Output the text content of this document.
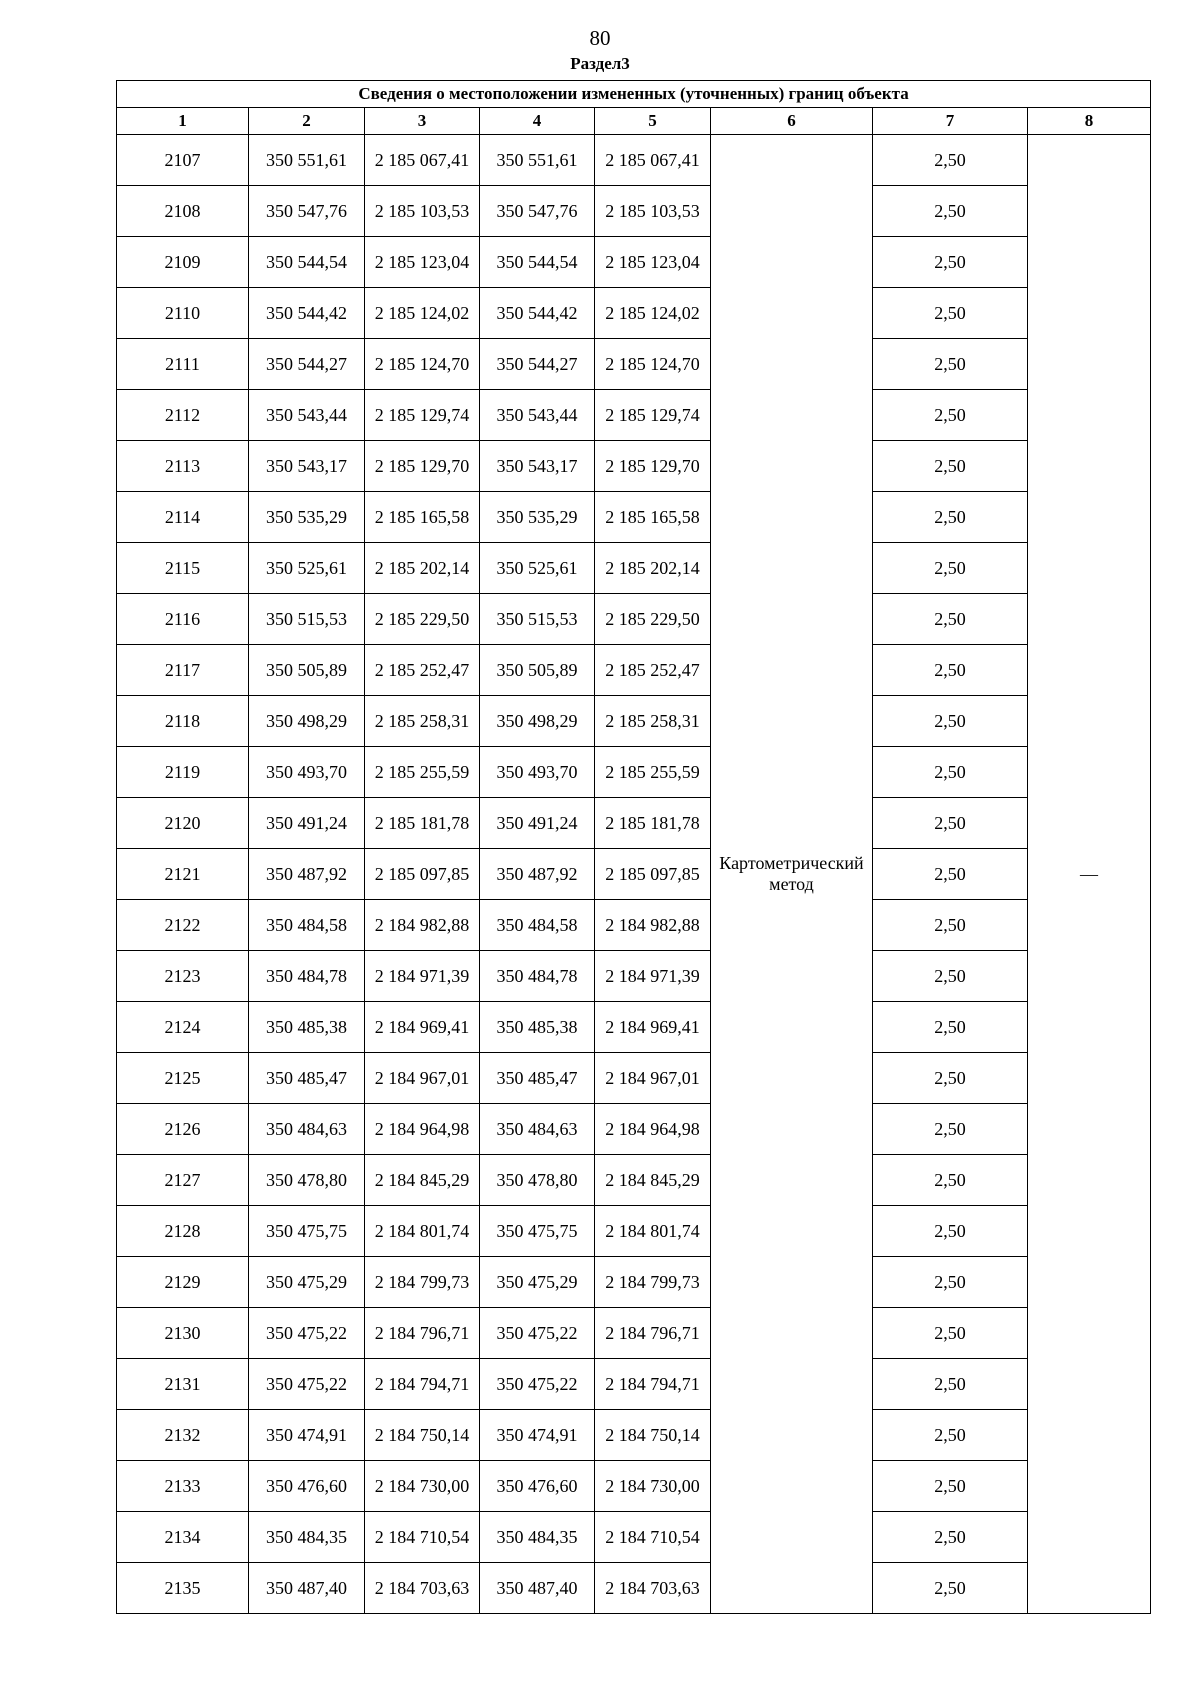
80
Раздел3
Сведения о местоположении измененных (уточненных) границ объекта							
1	2	3	4	5	6	7	8
2107	350 551,61	2 185 067,41	350 551,61	2 185 067,41	Картометрический метод	2,50	—
2108	350 547,76	2 185 103,53	350 547,76	2 185 103,53		2,50	
2109	350 544,54	2 185 123,04	350 544,54	2 185 123,04		2,50	
2110	350 544,42	2 185 124,02	350 544,42	2 185 124,02		2,50	
2111	350 544,27	2 185 124,70	350 544,27	2 185 124,70		2,50	
2112	350 543,44	2 185 129,74	350 543,44	2 185 129,74		2,50	
2113	350 543,17	2 185 129,70	350 543,17	2 185 129,70		2,50	
2114	350 535,29	2 185 165,58	350 535,29	2 185 165,58		2,50	
2115	350 525,61	2 185 202,14	350 525,61	2 185 202,14		2,50	
2116	350 515,53	2 185 229,50	350 515,53	2 185 229,50		2,50	
2117	350 505,89	2 185 252,47	350 505,89	2 185 252,47		2,50	
2118	350 498,29	2 185 258,31	350 498,29	2 185 258,31		2,50	
2119	350 493,70	2 185 255,59	350 493,70	2 185 255,59		2,50	
2120	350 491,24	2 185 181,78	350 491,24	2 185 181,78		2,50	
2121	350 487,92	2 185 097,85	350 487,92	2 185 097,85		2,50	
2122	350 484,58	2 184 982,88	350 484,58	2 184 982,88		2,50	
2123	350 484,78	2 184 971,39	350 484,78	2 184 971,39		2,50	
2124	350 485,38	2 184 969,41	350 485,38	2 184 969,41		2,50	
2125	350 485,47	2 184 967,01	350 485,47	2 184 967,01		2,50	
2126	350 484,63	2 184 964,98	350 484,63	2 184 964,98		2,50	
2127	350 478,80	2 184 845,29	350 478,80	2 184 845,29		2,50	
2128	350 475,75	2 184 801,74	350 475,75	2 184 801,74		2,50	
2129	350 475,29	2 184 799,73	350 475,29	2 184 799,73		2,50	
2130	350 475,22	2 184 796,71	350 475,22	2 184 796,71		2,50	
2131	350 475,22	2 184 794,71	350 475,22	2 184 794,71		2,50	
2132	350 474,91	2 184 750,14	350 474,91	2 184 750,14		2,50	
2133	350 476,60	2 184 730,00	350 476,60	2 184 730,00		2,50	
2134	350 484,35	2 184 710,54	350 484,35	2 184 710,54		2,50	
2135	350 487,40	2 184 703,63	350 487,40	2 184 703,63		2,50	
